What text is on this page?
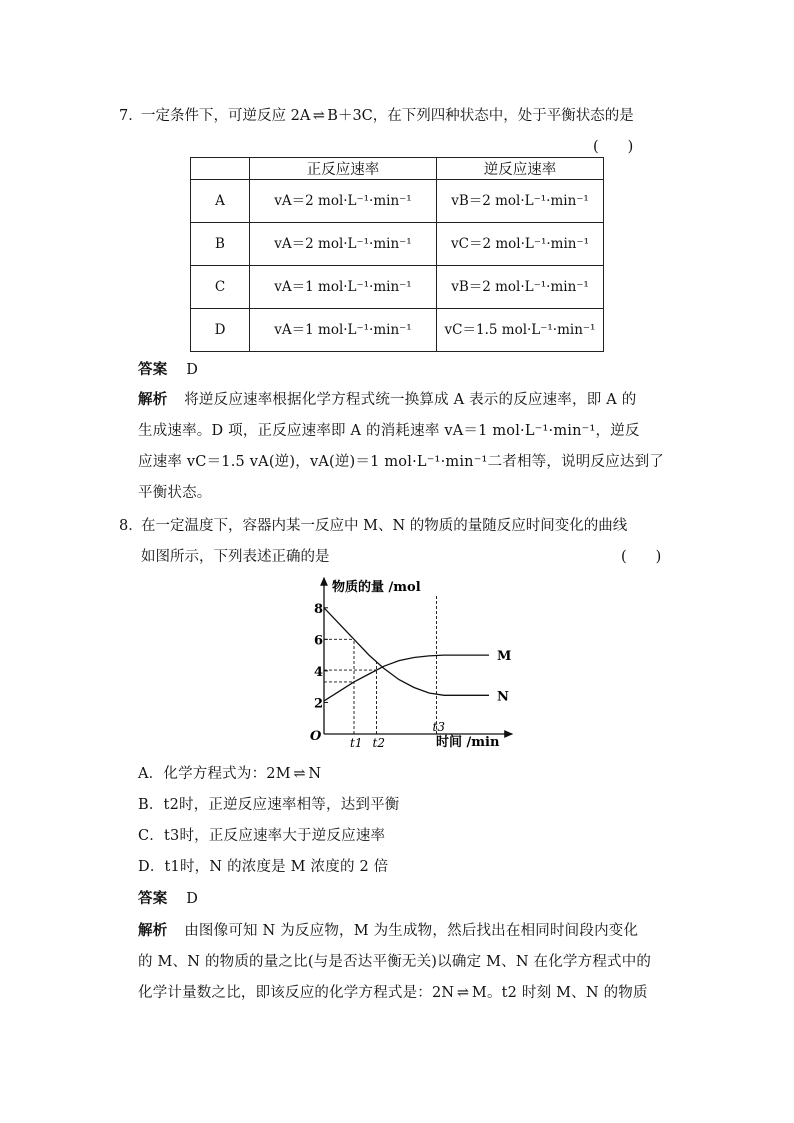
7．
一定条件下，可逆反应 2A ⇌ B＋3C，在下列四种状态中，处于平衡状态的是
(　　)
	正反应速率	逆反应速率
A	vA＝2 mol·L⁻¹·min⁻¹	vB＝2 mol·L⁻¹·min⁻¹
B	vA＝2 mol·L⁻¹·min⁻¹	vC＝2 mol·L⁻¹·min⁻¹
C	vA＝1 mol·L⁻¹·min⁻¹	vB＝2 mol·L⁻¹·min⁻¹
D	vA＝1 mol·L⁻¹·min⁻¹	vC＝1.5 mol·L⁻¹·min⁻¹
答案 D
解析 将逆反应速率根据化学方程式统一换算成 A 表示的反应速率，即 A 的
生成速率。D 项，正反应速率即 A 的消耗速率 vA＝1 mol·L⁻¹·min⁻¹，逆反
应速率 vC＝1.5 vA(逆)，vA(逆)＝1 mol·L⁻¹·min⁻¹二者相等，说明反应达到了
平衡状态。
8．
在一定温度下，容器内某一反应中 M、N 的物质的量随反应时间变化的曲线
如图所示，下列表述正确的是	(　　)
物质的量 /mol
时间 /min
O
8
6
4
2
t1 t2
t3
M
N
A．化学方程式为：2M ⇌ N
B．t2时，正逆反应速率相等，达到平衡
C．t3时，正反应速率大于逆反应速率
D．t1时，N 的浓度是 M 浓度的 2 倍
答案 D
解析 由图像可知 N 为反应物，M 为生成物，然后找出在相同时间段内变化
的 M、N 的物质的量之比(与是否达平衡无关)以确定 M、N 在化学方程式中的
化学计量数之比，即该反应的化学方程式是：2N ⇌ M。t2 时刻 M、N 的物质
